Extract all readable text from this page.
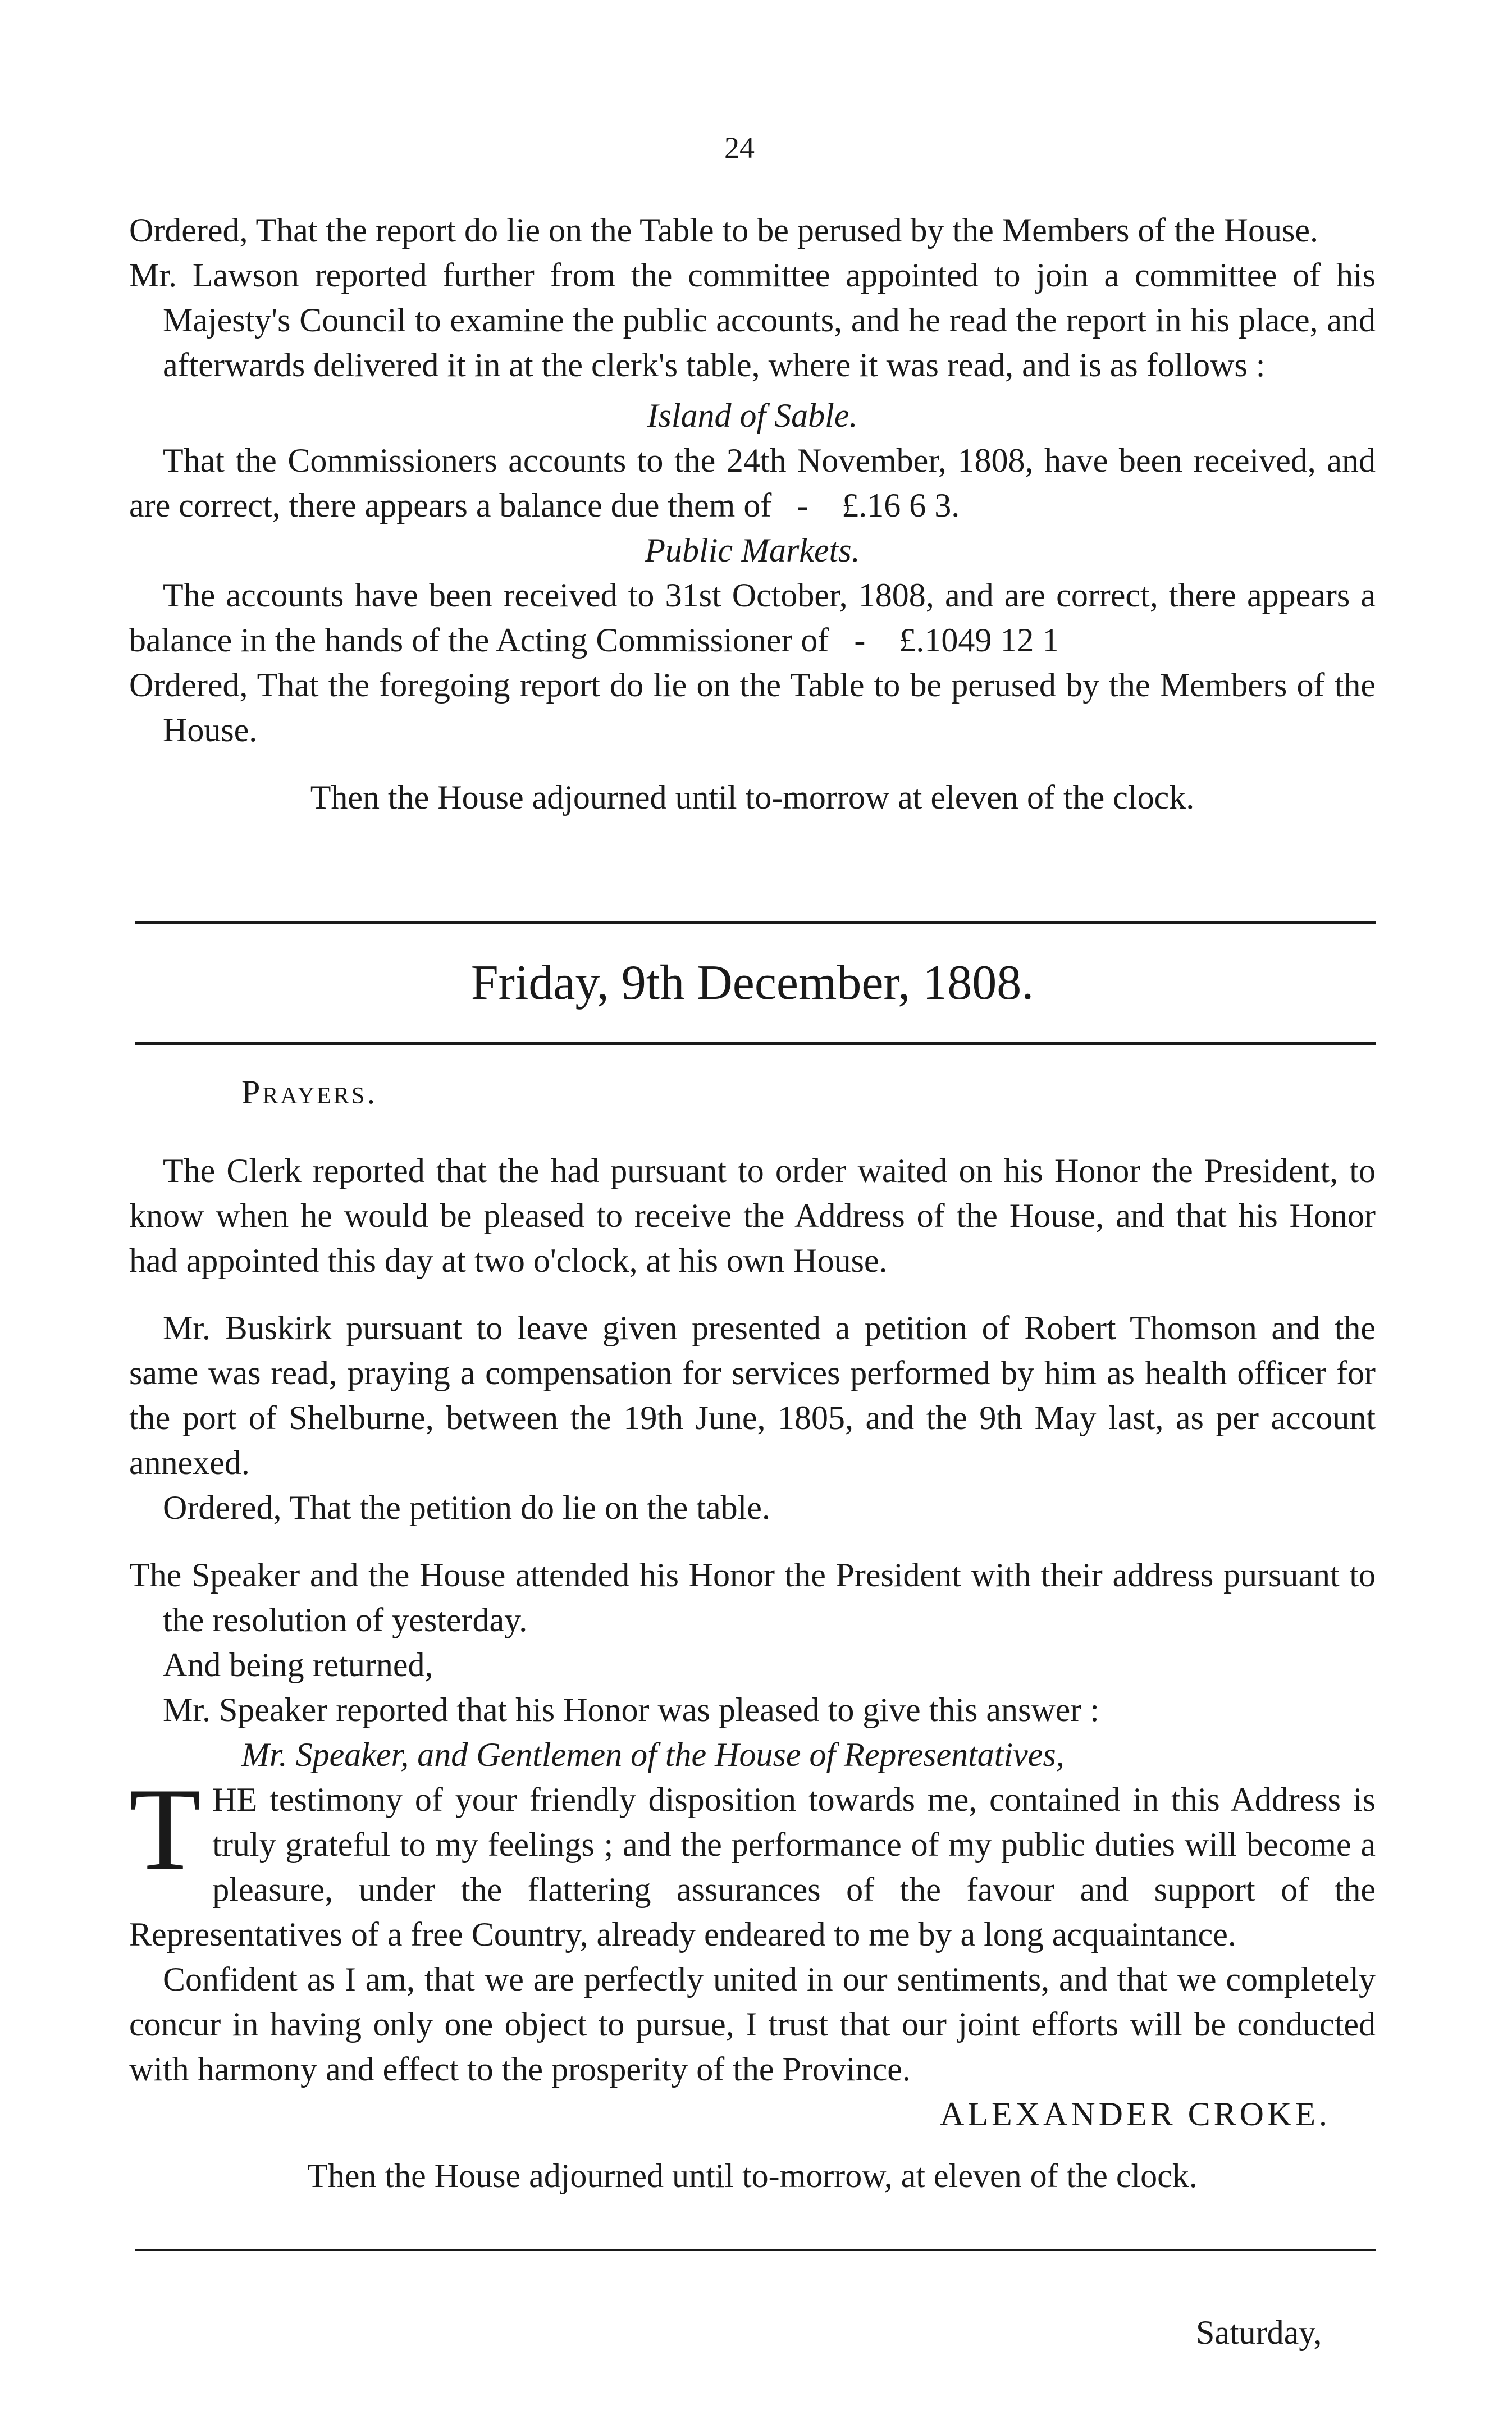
24

Ordered, That the report do lie on the Table to be perused by the Members of the House.

Mr. Lawson reported further from the committee appointed to join a committee of his Majesty's Council to examine the public accounts, and he read the report in his place, and afterwards delivered it in at the clerk's table, where it was read, and is as follows :

Island of Sable.

That the Commissioners accounts to the 24th November, 1808, have been received, and are correct, there appears a balance due them of   -    £.16 6 3.

Public Markets.

The accounts have been received to 31st October, 1808, and are correct, there appears a balance in the hands of the Acting Commissioner of   -    £.1049 12 1

Ordered, That the foregoing report do lie on the Table to be perused by the Members of the House.

Then the House adjourned until to-morrow at eleven of the clock.

Friday, 9th December, 1808.

Prayers.

The Clerk reported that the had pursuant to order waited on his Honor the President, to know when he would be pleased to receive the Address of the House, and that his Honor had appointed this day at two o'clock, at his own House.

Mr. Buskirk pursuant to leave given presented a petition of Robert Thomson and the same was read, praying a compensation for services performed by him as health officer for the port of Shelburne, between the 19th June, 1805, and the 9th May last, as per account annexed.

Ordered, That the petition do lie on the table.

The Speaker and the House attended his Honor the President with their address pursuant to the resolution of yesterday.

And being returned,

Mr. Speaker reported that his Honor was pleased to give this answer :

Mr. Speaker, and Gentlemen of the House of Representatives,

THE testimony of your friendly disposition towards me, contained in this Address is truly grateful to my feelings ; and the performance of my public duties will become a pleasure, under the flattering assurances of the favour and support of the Representatives of a free Country, already endeared to me by a long acquaintance.

Confident as I am, that we are perfectly united in our sentiments, and that we completely concur in having only one object to pursue, I trust that our joint efforts will be conducted with harmony and effect to the prosperity of the Province.

ALEXANDER CROKE.

Then the House adjourned until to-morrow, at eleven of the clock.

Saturday,
